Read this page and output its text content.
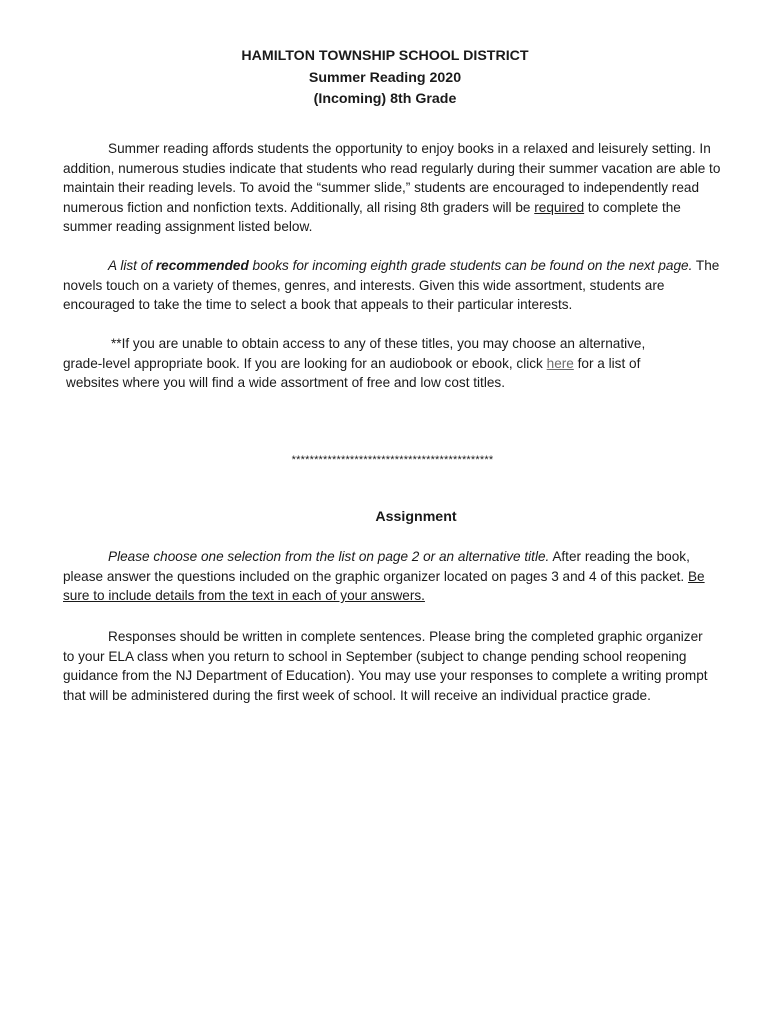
HAMILTON TOWNSHIP SCHOOL DISTRICT
Summer Reading 2020
(Incoming) 8th Grade

Summer reading affords students the opportunity to enjoy books in a relaxed and leisurely setting. In addition, numerous studies indicate that students who read regularly during their summer vacation are able to maintain their reading levels. To avoid the “summer slide,” students are encouraged to independently read numerous fiction and nonfiction texts. Additionally, all rising 8th graders will be required to complete the summer reading assignment listed below.

A list of recommended books for incoming eighth grade students can be found on the next page. The novels touch on a variety of themes, genres, and interests. Given this wide assortment, students are encouraged to take the time to select a book that appeals to their particular interests.

**If you are unable to obtain access to any of these titles, you may choose an alternative,
grade-level appropriate book. If you are looking for an audiobook or ebook, click here for a list of
websites where you will find a wide assortment of free and low cost titles.

*********************************************
Assignment

Please choose one selection from the list on page 2 or an alternative title. After reading the book, please answer the questions included on the graphic organizer located on pages 3 and 4 of this packet. Be sure to include details from the text in each of your answers.

Responses should be written in complete sentences. Please bring the completed graphic organizer to your ELA class when you return to school in September (subject to change pending school reopening guidance from the NJ Department of Education). You may use your responses to complete a writing prompt that will be administered during the first week of school. It will receive an individual practice grade.
